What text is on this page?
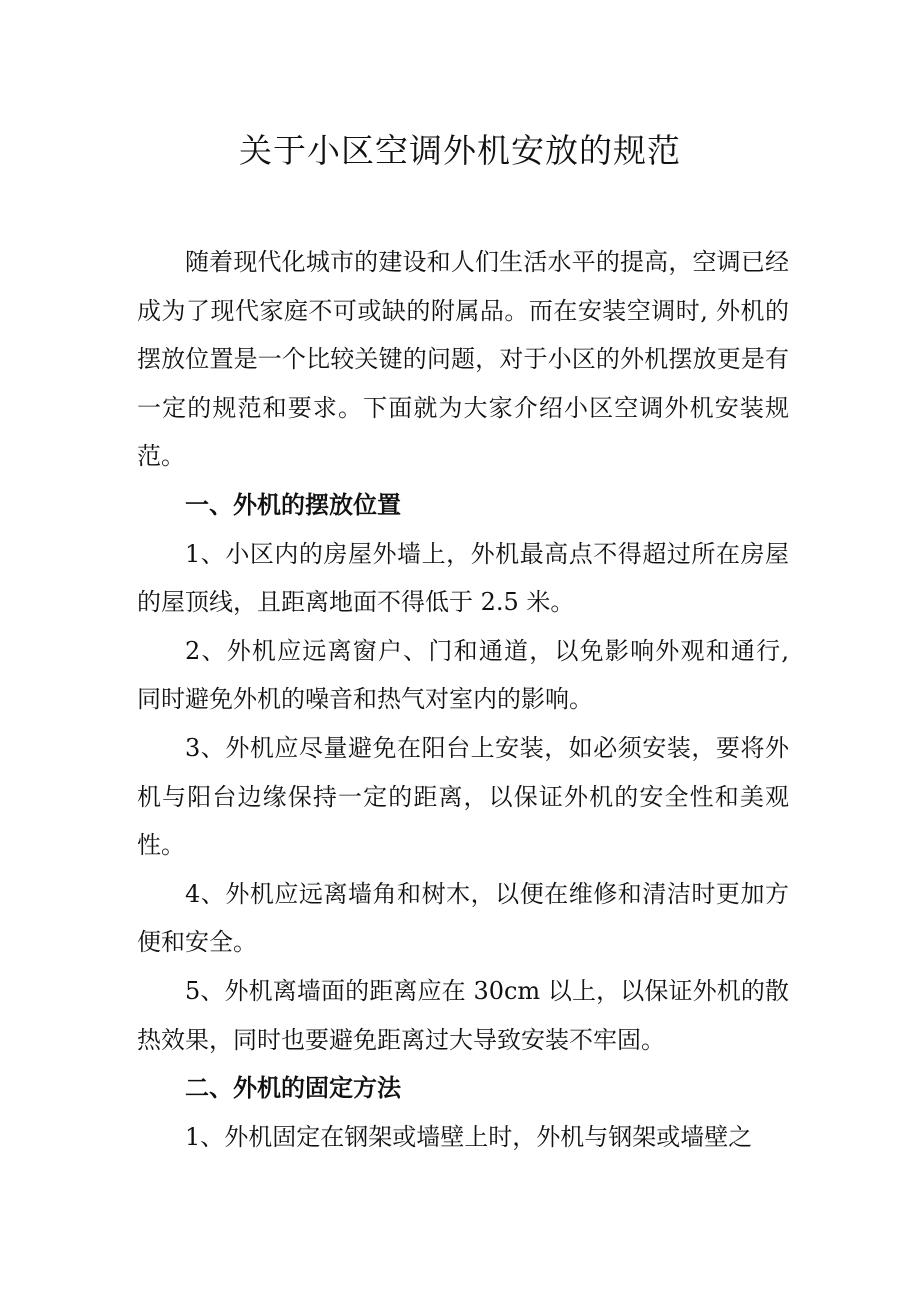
关于小区空调外机安放的规范

随着现代化城市的建设和人们生活水平的提高，空调已经成为了现代家庭不可或缺的附属品。而在安装空调时, 外机的摆放位置是一个比较关键的问题，对于小区的外机摆放更是有一定的规范和要求。下面就为大家介绍小区空调外机安装规范。

一、外机的摆放位置

1、小区内的房屋外墙上，外机最高点不得超过所在房屋的屋顶线，且距离地面不得低于 2.5 米。

2、外机应远离窗户、门和通道，以免影响外观和通行, 同时避免外机的噪音和热气对室内的影响。

3、外机应尽量避免在阳台上安装，如必须安装，要将外机与阳台边缘保持一定的距离，以保证外机的安全性和美观性。

4、外机应远离墙角和树木，以便在维修和清洁时更加方便和安全。

5、外机离墙面的距离应在 30cm 以上，以保证外机的散热效果，同时也要避免距离过大导致安装不牢固。

二、外机的固定方法

1、外机固定在钢架或墙壁上时，外机与钢架或墙壁之
